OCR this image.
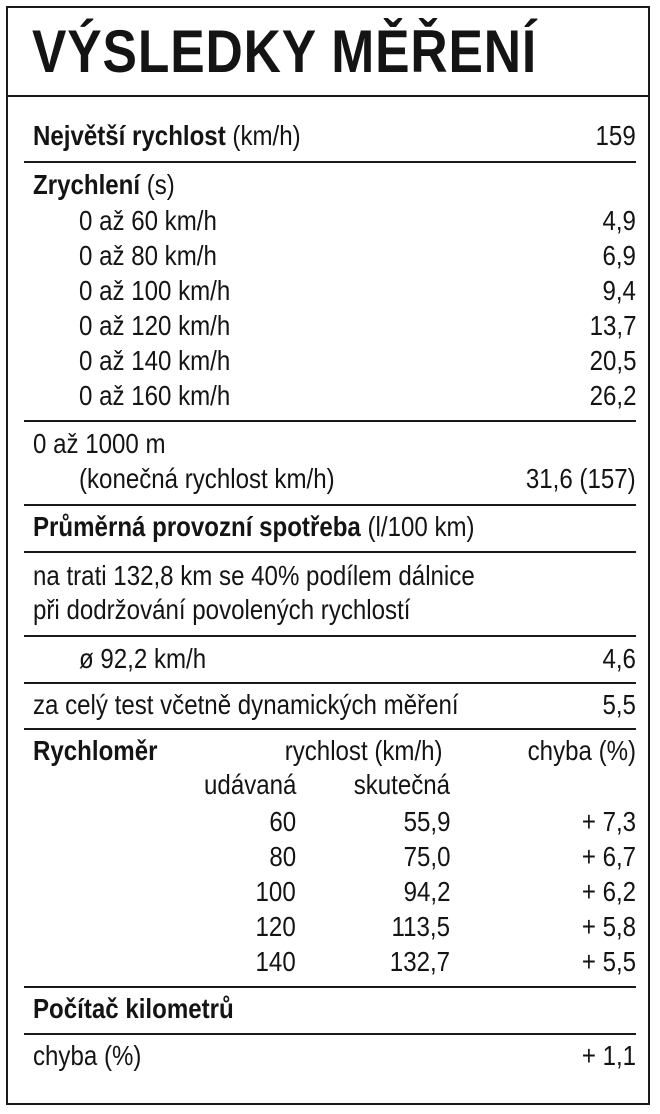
VÝSLEDKY MĚŘENÍ
Největší rychlost (km/h)	159
Zrychlení (s)
0 až 60 km/h	4,9
0 až 80 km/h	6,9
0 až 100 km/h	9,4
0 až 120 km/h	13,7
0 až 140 km/h	20,5
0 až 160 km/h	26,2
0 až 1000 m
(konečná rychlost km/h)	31,6 (157)
Průměrná provozní spotřeba (l/100 km)
na trati 132,8 km se 40% podílem dálnice
při dodržování povolených rychlostí
ø 92,2 km/h	4,6
za celý test včetně dynamických měření	5,5
Rychloměr	rychlost (km/h)	chyba (%)
udávaná skutečná
60	55,9	+ 7,3
80	75,0	+ 6,7
100	94,2	+ 6,2
120	113,5	+ 5,8
140	132,7	+ 5,5
Počítač kilometrů
chyba (%)	+ 1,1
